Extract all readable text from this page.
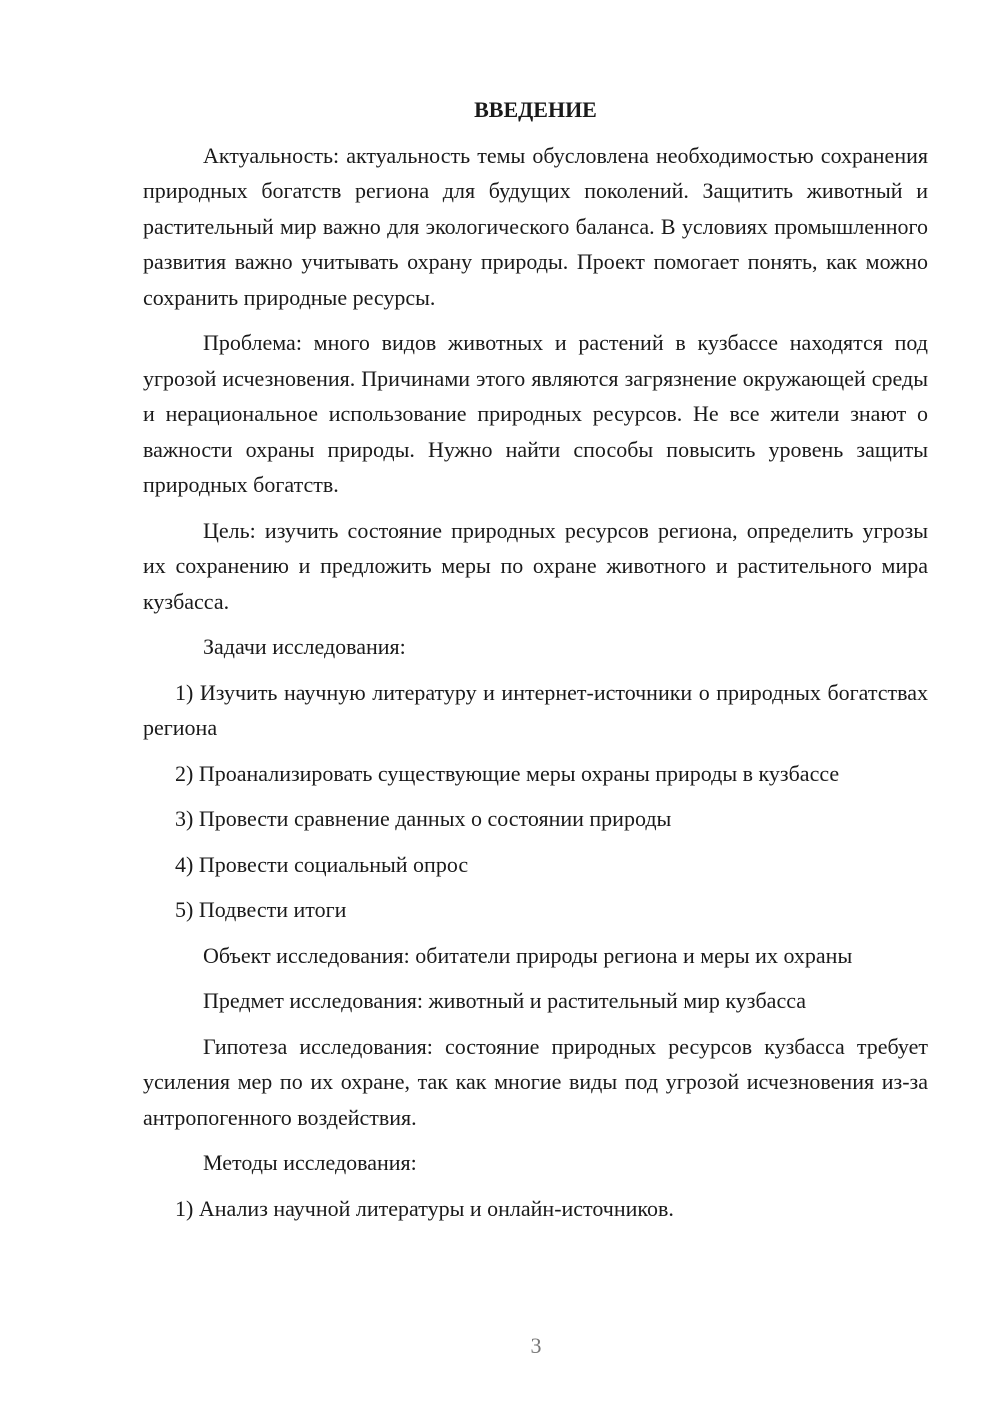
ВВЕДЕНИЕ

Актуальность: актуальность темы обусловлена необходимостью сохранения природных богатств региона для будущих поколений. Защитить животный и растительный мир важно для экологического баланса. В условиях промышленного развития важно учитывать охрану природы. Проект помогает понять, как можно сохранить природные ресурсы.

Проблема: много видов животных и растений в кузбассе находятся под угрозой исчезновения. Причинами этого являются загрязнение окружающей среды и нерациональное использование природных ресурсов. Не все жители знают о важности охраны природы. Нужно найти способы повысить уровень защиты природных богатств.

Цель: изучить состояние природных ресурсов региона, определить угрозы их сохранению и предложить меры по охране животного и растительного мира кузбасса.

Задачи исследования:

1) Изучить научную литературу и интернет-источники о природных богатствах региона

2) Проанализировать существующие меры охраны природы в кузбассе

3) Провести сравнение данных о состоянии природы

4) Провести социальный опрос

5) Подвести итоги

Объект исследования: обитатели природы региона и меры их охраны

Предмет исследования: животный и растительный мир кузбасса

Гипотеза исследования: состояние природных ресурсов кузбасса требует усиления мер по их охране, так как многие виды под угрозой исчезновения из-за антропогенного воздействия.

Методы исследования:

1) Анализ научной литературы и онлайн-источников.

3
